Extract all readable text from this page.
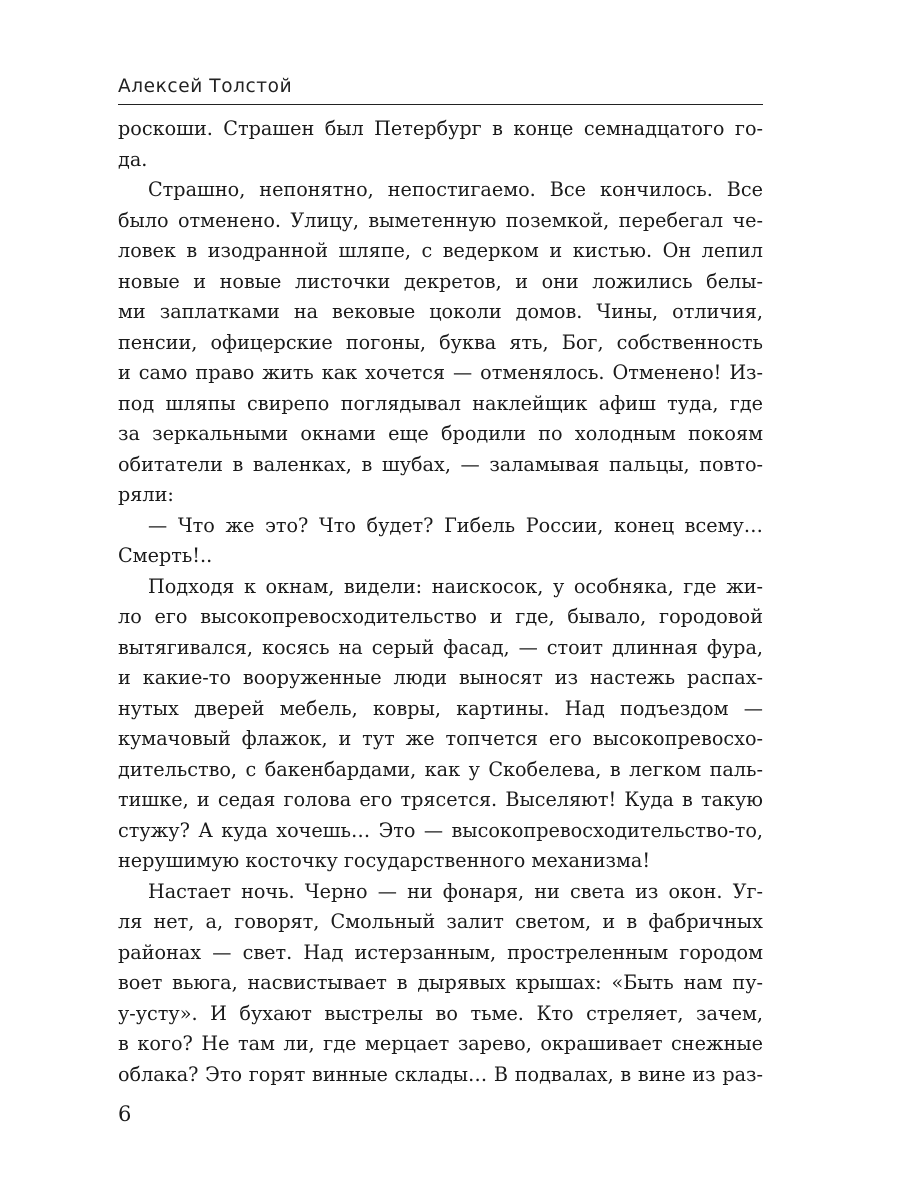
Алексей Толстой
роскоши. Страшен был Петербург в конце семнадцатого го-
да.
Страшно, непонятно, непостигаемо. Все кончилось. Все
было отменено. Улицу, выметенную поземкой, перебегал че-
ловек в изодранной шляпе, с ведерком и кистью. Он лепил
новые и новые листочки декретов, и они ложились белы-
ми заплатками на вековые цоколи домов. Чины, отличия,
пенсии, офицерские погоны, буква ять, Бог, собственность
и само право жить как хочется — отменялось. Отменено! Из-
под шляпы свирепо поглядывал наклейщик афиш туда, где
за зеркальными окнами еще бродили по холодным покоям
обитатели в валенках, в шубах, — заламывая пальцы, повто-
ряли:
— Что же это? Что будет? Гибель России, конец всему…
Смерть!..
Подходя к окнам, видели: наискосок, у особняка, где жи-
ло его высокопревосходительство и где, бывало, городовой
вытягивался, косясь на серый фасад, — стоит длинная фура,
и какие-то вооруженные люди выносят из настежь распах-
нутых дверей мебель, ковры, картины. Над подъездом —
кумачовый флажок, и тут же топчется его высокопревосхо-
дительство, с бакенбардами, как у Скобелева, в легком паль-
тишке, и седая голова его трясется. Выселяют! Куда в такую
стужу? А куда хочешь… Это — высокопревосходительство-то,
нерушимую косточку государственного механизма!
Настает ночь. Черно — ни фонаря, ни света из окон. Уг-
ля нет, а, говорят, Смольный залит светом, и в фабричных
районах — свет. Над истерзанным, простреленным городом
воет вьюга, насвистывает в дырявых крышах: «Быть нам пу-
у-усту». И бухают выстрелы во тьме. Кто стреляет, зачем,
в кого? Не там ли, где мерцает зарево, окрашивает снежные
облака? Это горят винные склады… В подвалах, в вине из раз-
6
